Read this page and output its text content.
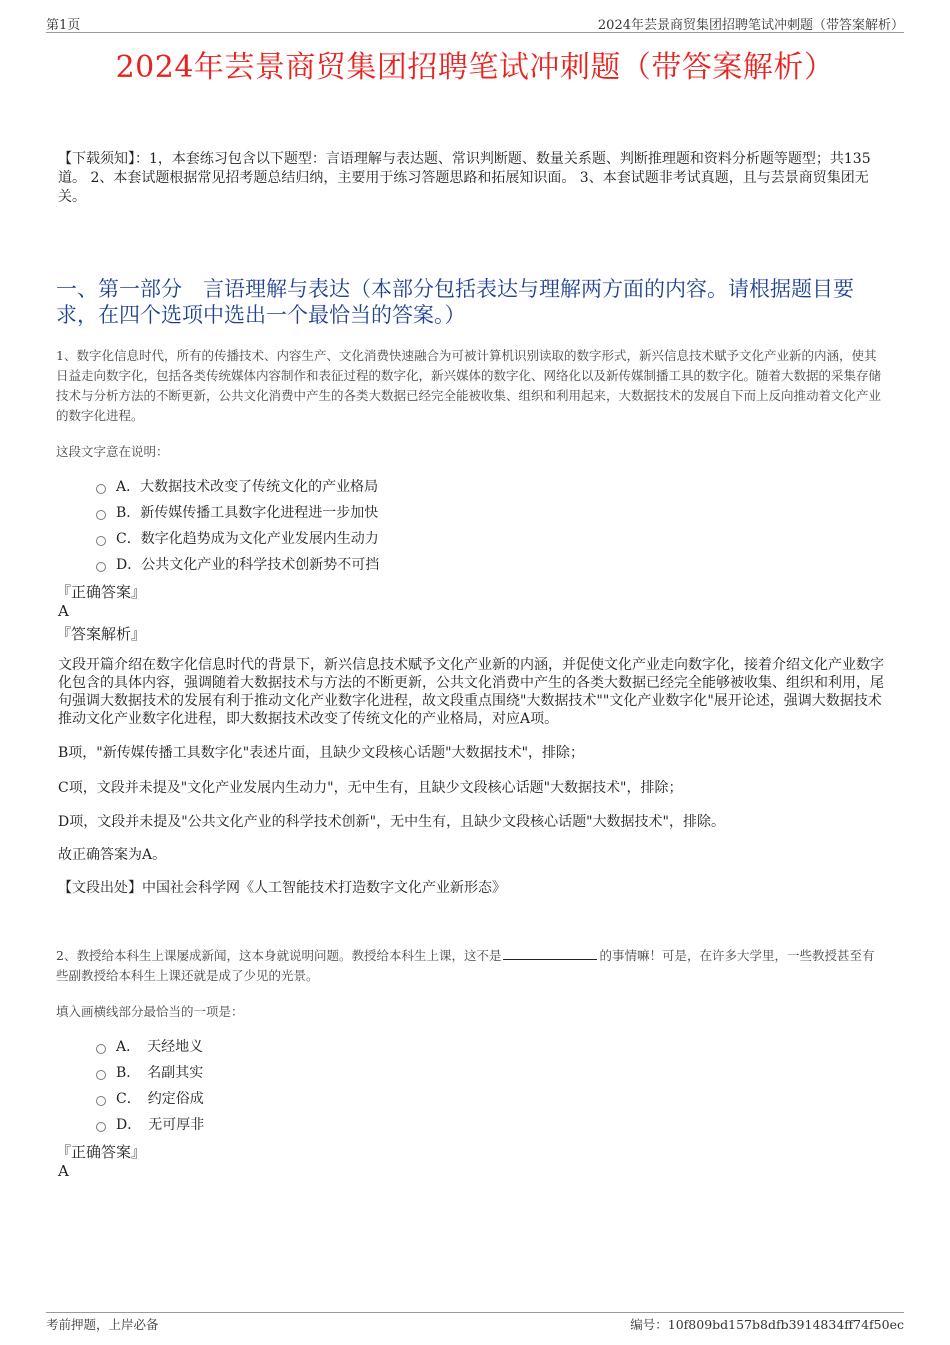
第1页	2024年芸景商贸集团招聘笔试冲刺题（带答案解析）
2024年芸景商贸集团招聘笔试冲刺题（带答案解析）
【下载须知】：1，本套练习包含以下题型：言语理解与表达题、常识判断题、数量关系题、判断推理题和资料分析题等题型；共135道。 2、本套试题根据常见招考题总结归纳，主要用于练习答题思路和拓展知识面。 3、本套试题非考试真题，且与芸景商贸集团无关。
一、第一部分　言语理解与表达（本部分包括表达与理解两方面的内容。请根据题目要求，在四个选项中选出一个最恰当的答案。）
1、数字化信息时代，所有的传播技术、内容生产、文化消费快速融合为可被计算机识别读取的数字形式，新兴信息技术赋予文化产业新的内涵，使其日益走向数字化，包括各类传统媒体内容制作和表征过程的数字化，新兴媒体的数字化、网络化以及新传媒制播工具的数字化。随着大数据的采集存储技术与分析方法的不断更新，公共文化消费中产生的各类大数据已经完全能被收集、组织和利用起来，大数据技术的发展自下而上反向推动着文化产业的数字化进程。
这段文字意在说明：
A．大数据技术改变了传统文化的产业格局
B．新传媒传播工具数字化进程进一步加快
C．数字化趋势成为文化产业发展内生动力
D．公共文化产业的科学技术创新势不可挡
『正确答案』
A
『答案解析』
文段开篇介绍在数字化信息时代的背景下，新兴信息技术赋予文化产业新的内涵，并促使文化产业走向数字化，接着介绍文化产业数字化包含的具体内容，强调随着大数据技术与方法的不断更新，公共文化消费中产生的各类大数据已经完全能够被收集、组织和利用，尾句强调大数据技术的发展有利于推动文化产业数字化进程，故文段重点围绕"大数据技术""文化产业数字化"展开论述，强调大数据技术推动文化产业数字化进程，即大数据技术改变了传统文化的产业格局，对应A项。
B项，"新传媒传播工具数字化"表述片面，且缺少文段核心话题"大数据技术"，排除；
C项，文段并未提及"文化产业发展内生动力"，无中生有，且缺少文段核心话题"大数据技术"，排除；
D项，文段并未提及"公共文化产业的科学技术创新"，无中生有，且缺少文段核心话题"大数据技术"，排除。
故正确答案为A。
【文段出处】中国社会科学网《人工智能技术打造数字文化产业新形态》
2、教授给本科生上课屡成新闻，这本身就说明问题。教授给本科生上课，这不是	的事情嘛！可是，在许多大学里，一些教授甚至有些副教授给本科生上课还就是成了少见的光景。
填入画横线部分最恰当的一项是：
A．　天经地义
B．　名副其实
C．　约定俗成
D．　无可厚非
『正确答案』
A
考前押题，上岸必备	编号：10f809bd157b8dfb3914834ff74f50ec
